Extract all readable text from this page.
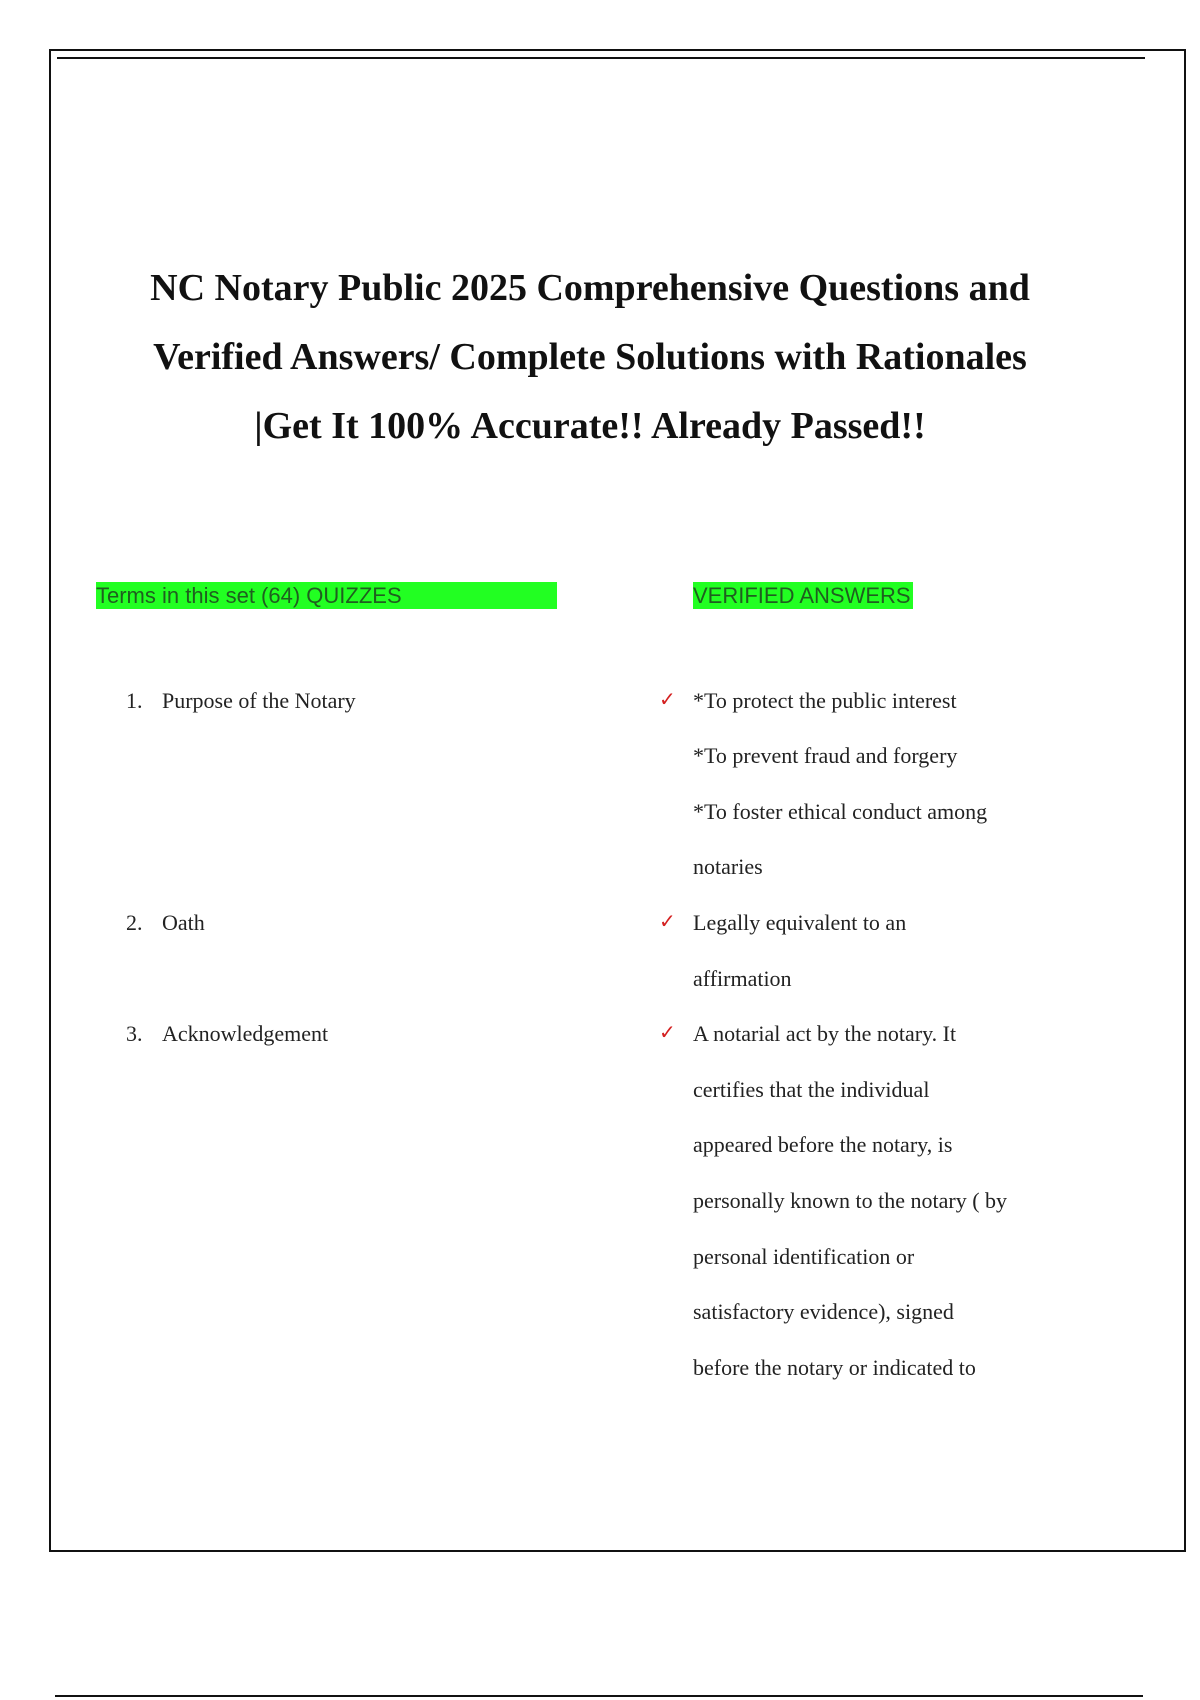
NC Notary Public 2025 Comprehensive Questions and
Verified Answers/ Complete Solutions with Rationales
|Get It 100% Accurate!! Already Passed!!
Terms in this set (64) QUIZZES	VERIFIED ANSWERS
1. Purpose of the Notary	✓ *To protect the public interest
*To prevent fraud and forgery
*To foster ethical conduct among
notaries
2. Oath	✓ Legally equivalent to an
affirmation
3. Acknowledgement	✓ A notarial act by the notary. It
certifies that the individual
appeared before the notary, is
personally known to the notary ( by
personal identification or
satisfactory evidence), signed
before the notary or indicated to
